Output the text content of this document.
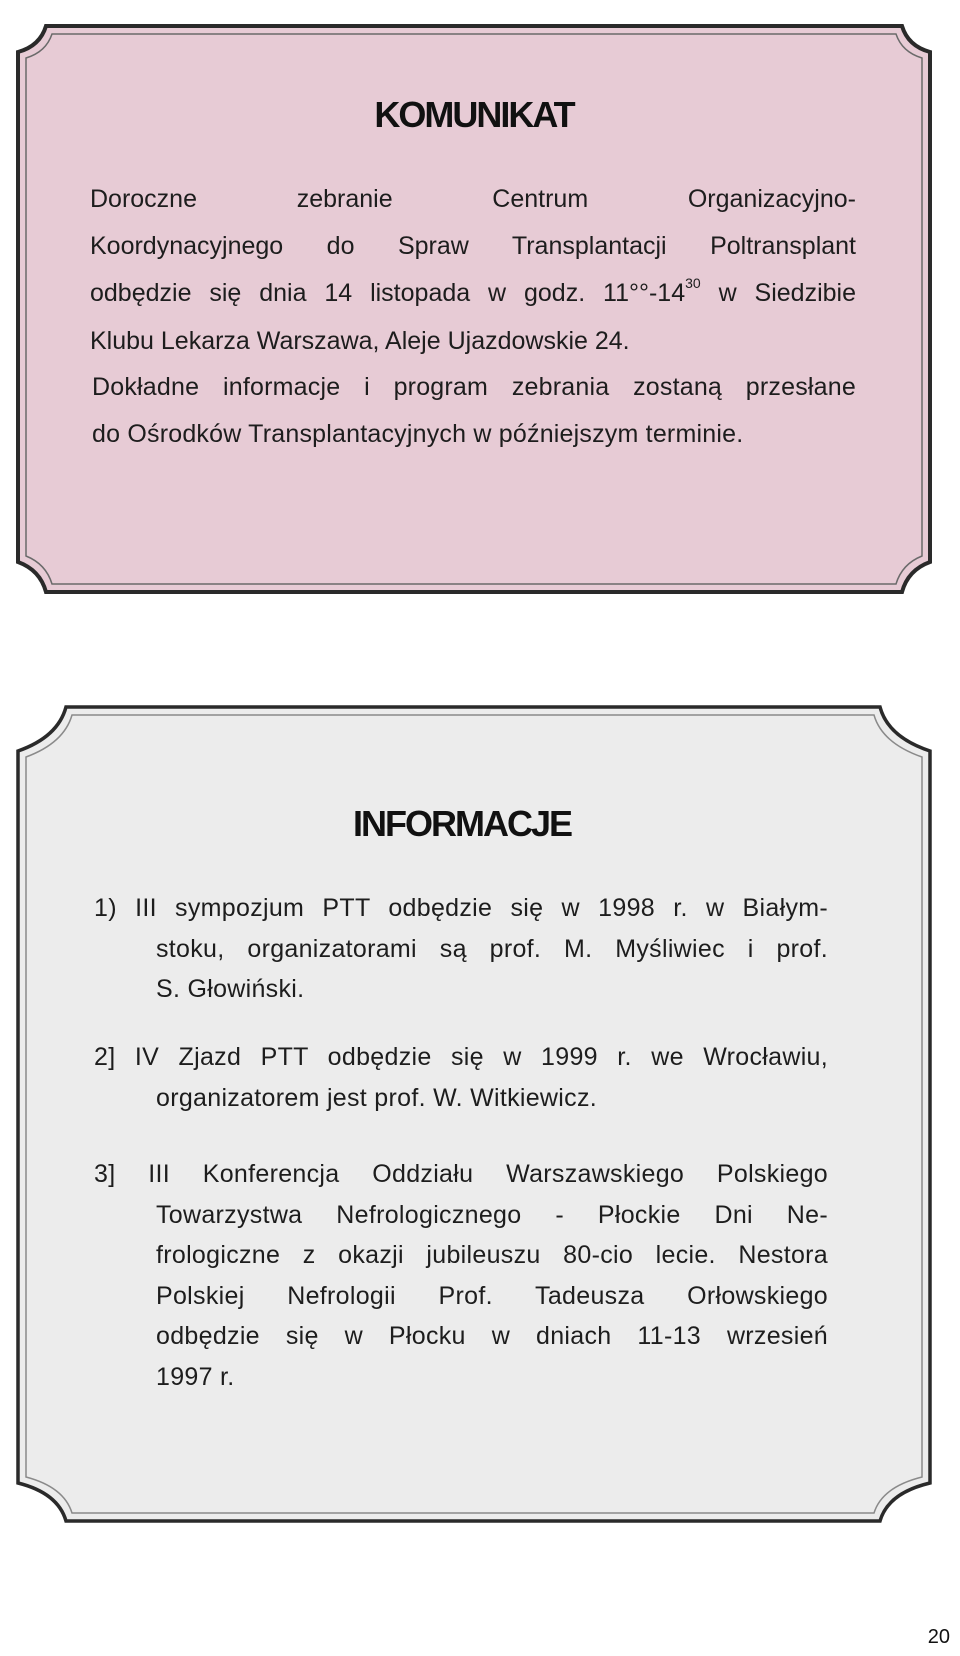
KOMUNIKAT
Doroczne zebranie Centrum Organizacyjno-
Koordynacyjnego do Spraw Transplantacji Poltransplant
odbędzie się dnia 14 listopada w godz. $11^\circ^\circ-14^{30}$ w Siedzibie
Klubu Lekarza Warszawa, Aleje Ujazdowskie 24.
Dokładne informacje i program zebrania zostaną przesłane
do Ośrodków Transplantacyjnych w późniejszym terminie.
INFORMACJE
1) III sympozjum PTT odbędzie się w 1998 r. w Białym-
stoku, organizatorami są prof. M. Myśliwiec i prof.
S. Głowiński.
2] IV Zjazd PTT odbędzie się w 1999 r. we Wrocławiu,
organizatorem jest prof. W. Witkiewicz.
3] III Konferencja Oddziału Warszawskiego Polskiego
Towarzystwa Nefrologicznego - Płockie Dni Ne-
frologiczne z okazji jubileuszu 80-cio lecie. Nestora
Polskiej Nefrologii Prof. Tadeusza Orłowskiego
odbędzie się w Płocku w dniach 11-13 wrzesień
1997 r.
20
